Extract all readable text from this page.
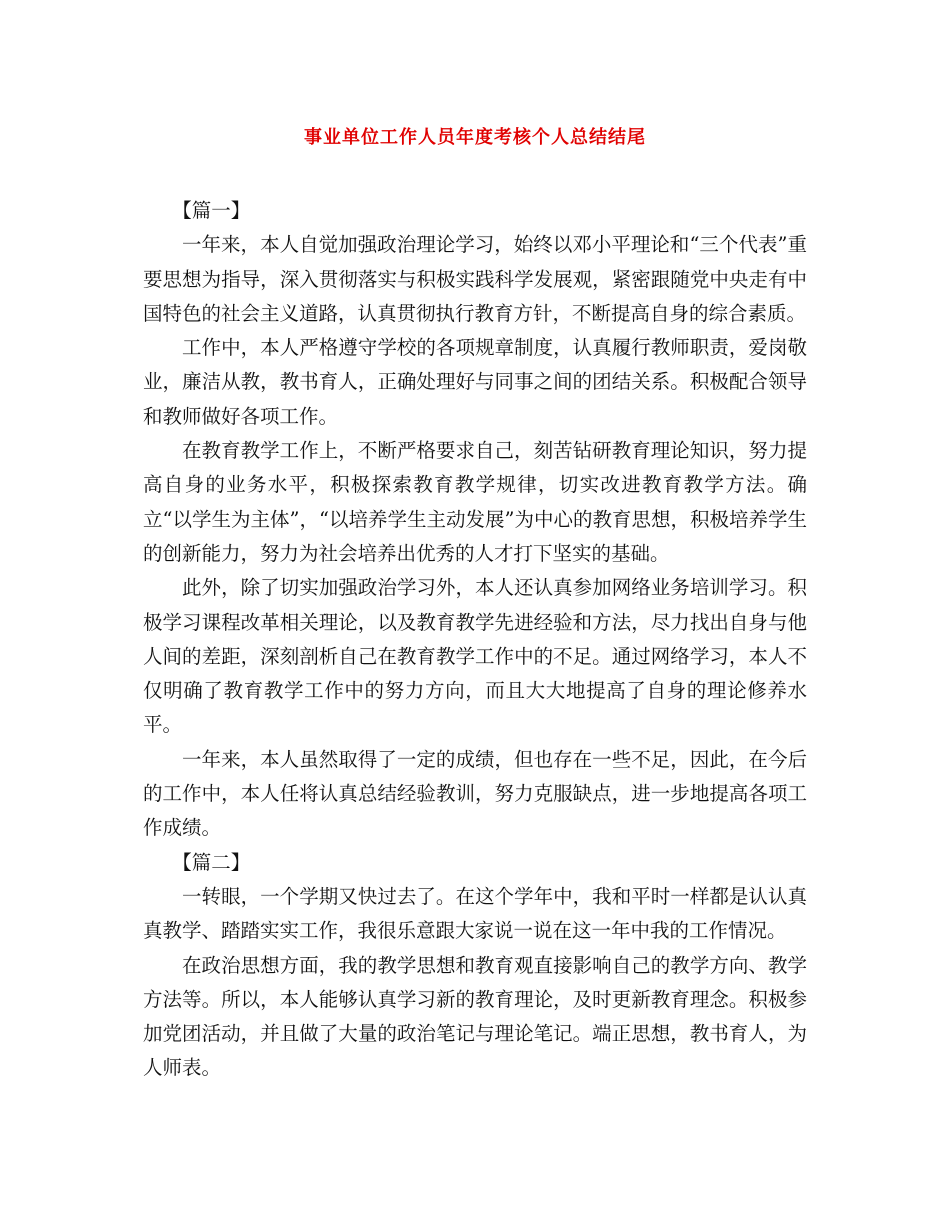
事业单位工作人员年度考核个人总结结尾

【篇一】

一年来，本人自觉加强政治理论学习，始终以邓小平理论和“三个代表”重要思想为指导，深入贯彻落实与积极实践科学发展观，紧密跟随党中央走有中国特色的社会主义道路，认真贯彻执行教育方针，不断提高自身的综合素质。

工作中，本人严格遵守学校的各项规章制度，认真履行教师职责，爱岗敬业，廉洁从教，教书育人，正确处理好与同事之间的团结关系。积极配合领导和教师做好各项工作。

在教育教学工作上，不断严格要求自己，刻苦钻研教育理论知识，努力提高自身的业务水平，积极探索教育教学规律，切实改进教育教学方法。确立“以学生为主体”，“以培养学生主动发展”为中心的教育思想，积极培养学生的创新能力，努力为社会培养出优秀的人才打下坚实的基础。

此外，除了切实加强政治学习外，本人还认真参加网络业务培训学习。积极学习课程改革相关理论，以及教育教学先进经验和方法，尽力找出自身与他人间的差距，深刻剖析自己在教育教学工作中的不足。通过网络学习，本人不仅明确了教育教学工作中的努力方向，而且大大地提高了自身的理论修养水平。

一年来，本人虽然取得了一定的成绩，但也存在一些不足，因此，在今后的工作中，本人任将认真总结经验教训，努力克服缺点，进一步地提高各项工作成绩。

【篇二】

一转眼，一个学期又快过去了。在这个学年中，我和平时一样都是认认真真教学、踏踏实实工作，我很乐意跟大家说一说在这一年中我的工作情况。

在政治思想方面，我的教学思想和教育观直接影响自己的教学方向、教学方法等。所以，本人能够认真学习新的教育理论，及时更新教育理念。积极参加党团活动，并且做了大量的政治笔记与理论笔记。端正思想，教书育人，为人师表。
